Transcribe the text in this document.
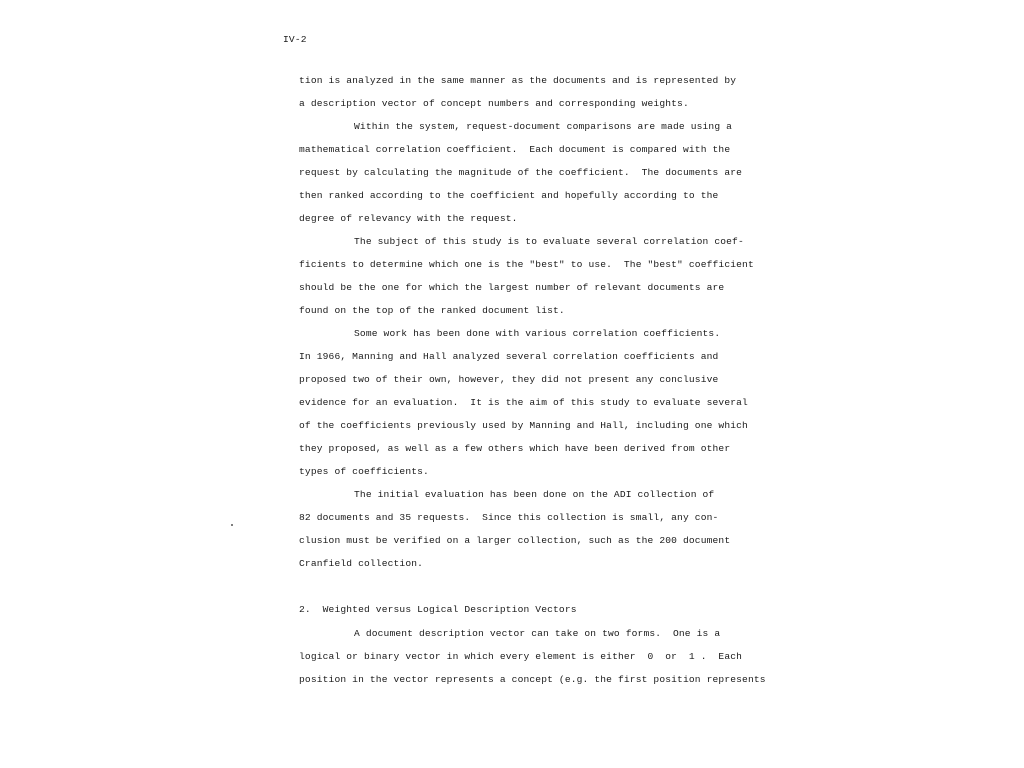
IV-2
tion is analyzed in the same manner as the documents and is represented by
a description vector of concept numbers and corresponding weights.
Within the system, request-document comparisons are made using a
mathematical correlation coefficient.  Each document is compared with the
request by calculating the magnitude of the coefficient.  The documents are
then ranked according to the coefficient and hopefully according to the
degree of relevancy with the request.
The subject of this study is to evaluate several correlation coef-
ficients to determine which one is the "best" to use.  The "best" coefficient
should be the one for which the largest number of relevant documents are
found on the top of the ranked document list.
Some work has been done with various correlation coefficients.
In 1966, Manning and Hall analyzed several correlation coefficients and
proposed two of their own, however, they did not present any conclusive
evidence for an evaluation.  It is the aim of this study to evaluate several
of the coefficients previously used by Manning and Hall, including one which
they proposed, as well as a few others which have been derived from other
types of coefficients.
The initial evaluation has been done on the ADI collection of
82 documents and 35 requests.  Since this collection is small, any con-
clusion must be verified on a larger collection, such as the 200 document
Cranfield collection.
2.  Weighted versus Logical Description Vectors
A document description vector can take on two forms.  One is a
logical or binary vector in which every element is either  0  or  1 .  Each
position in the vector represents a concept (e.g. the first position represents
